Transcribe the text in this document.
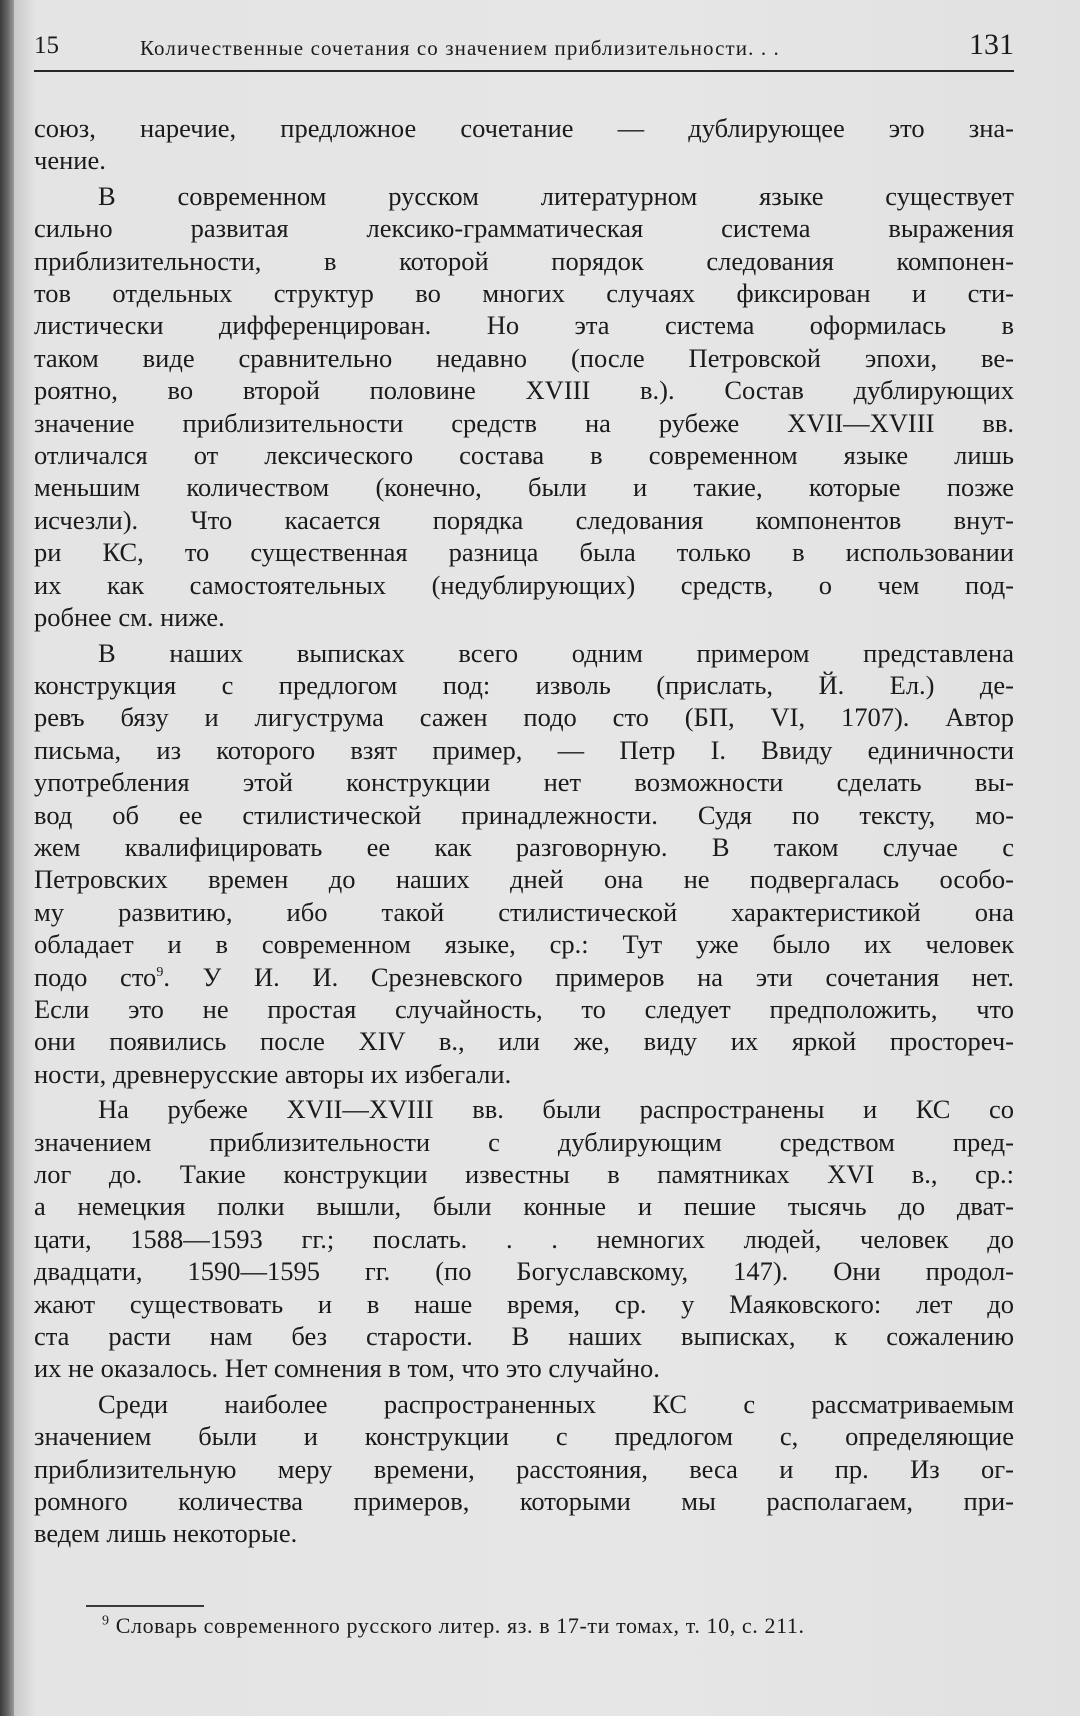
15	Количественные сочетания со значением приблизительности. . .	131

союз, наречие, предложное сочетание — дублирующее это зна-
чение.

В современном русском литературном языке существует
сильно развитая лексико-грамматическая система выражения
приблизительности, в которой порядок следования компонен-
тов отдельных структур во многих случаях фиксирован и сти-
листически дифференцирован. Но эта система оформилась в
таком виде сравнительно недавно (после Петровской эпохи, ве-
роятно, во второй половине XVIII в.). Состав дублирующих
значение приблизительности средств на рубеже XVII—XVIII вв.
отличался от лексического состава в современном языке лишь
меньшим количеством (конечно, были и такие, которые позже
исчезли). Что касается порядка следования компонентов внут-
ри КС, то существенная разница была только в использовании
их как самостоятельных (недублирующих) средств, о чем под-
робнее см. ниже.

В наших выписках всего одним примером представлена
конструкция с предлогом под: изволь (прислать, Й. Ел.) де-
ревъ бязу и лигуструма сажен подо сто (БП, VI, 1707). Автор
письма, из которого взят пример, — Петр I. Ввиду единичности
употребления этой конструкции нет возможности сделать вы-
вод об ее стилистической принадлежности. Судя по тексту, мо-
жем квалифицировать ее как разговорную. В таком случае с
Петровских времен до наших дней она не подвергалась особо-
му развитию, ибо такой стилистической характеристикой она
обладает и в современном языке, ср.: Тут уже было их человек
подо сто$^9$. У И. И. Срезневского примеров на эти сочетания нет.
Если это не простая случайность, то следует предположить, что
они появились после XIV в., или же, виду их яркой простореч-
ности, древнерусские авторы их избегали.

На рубеже XVII—XVIII вв. были распространены и КС со
значением приблизительности с дублирующим средством пред-
лог до. Такие конструкции известны в памятниках XVI в., ср.:
а немецкия полки вышли, были конные и пешие тысячь до дват-
цати, 1588—1593 гг.; послать. . . немногих людей, человек до
двадцати, 1590—1595 гг. (по Богуславскому, 147). Они продол-
жают существовать и в наше время, ср. у Маяковского: лет до
ста расти нам без старости. В наших выписках, к сожалению
их не оказалось. Нет сомнения в том, что это случайно.

Среди наиболее распространенных КС с рассматриваемым
значением были и конструкции с предлогом с, определяющие
приблизительную меру времени, расстояния, веса и пр. Из ог-
ромного количества примеров, которыми мы располагаем, при-
ведем лишь некоторые.

$^9$ Словарь современного русского литер. яз. в 17-ти томах, т. 10, с. 211.
